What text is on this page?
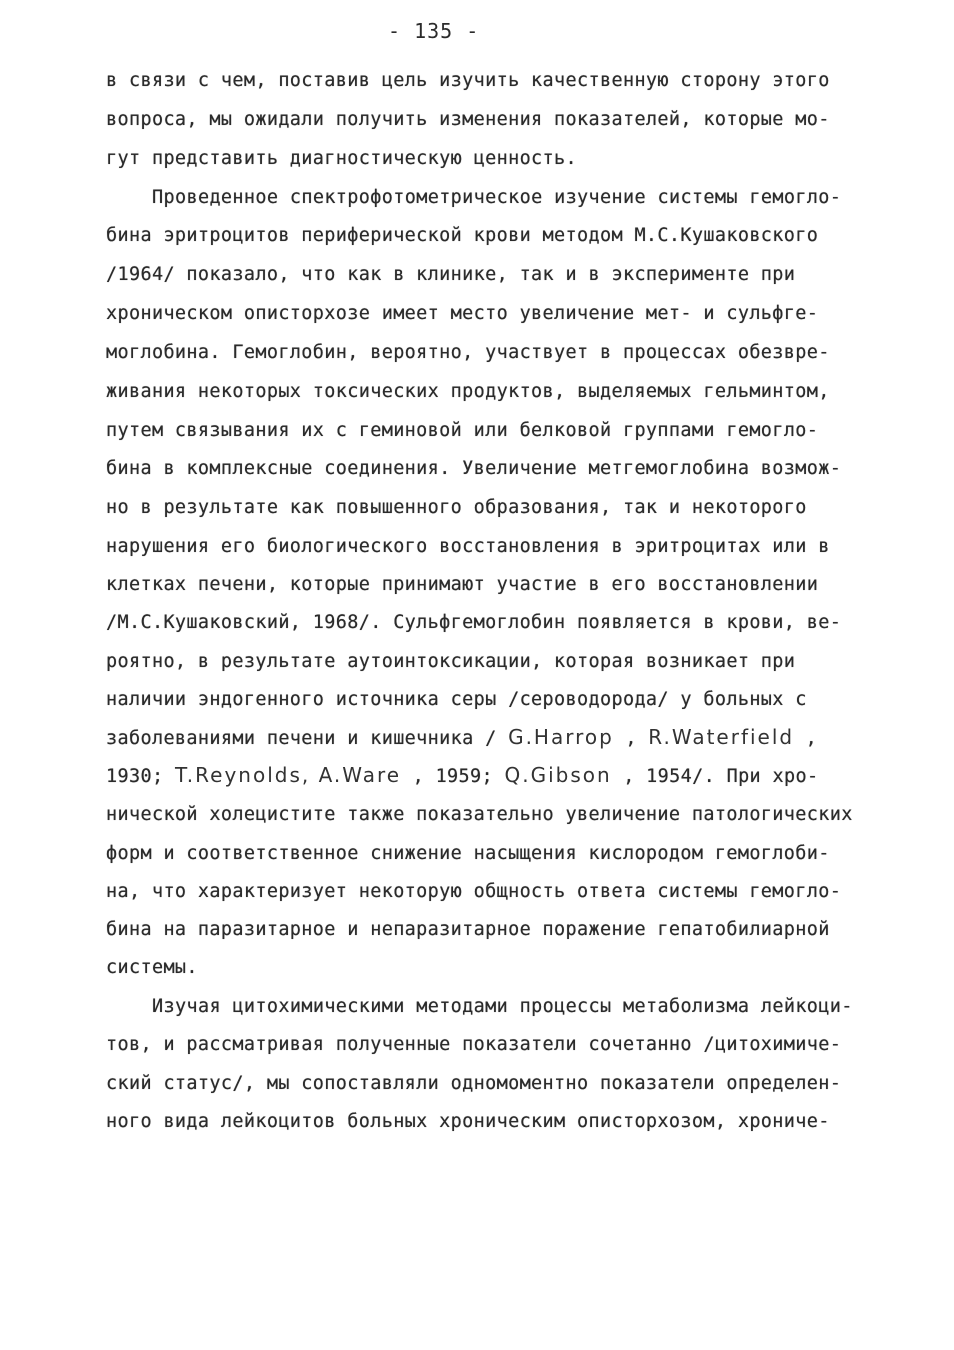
- 135 -
в связи с чем, поставив цель изучить качественную сторону этого
вопроса, мы ожидали получить изменения показателей, которые мо-
гут представить диагностическую ценность.
Проведенное спектрофотометрическое изучение системы гемогло-
бина эритроцитов периферической крови методом М.С.Кушаковского
/1964/ показало, что как в клинике, так и в эксперименте при
хроническом описторхозе имеет место увеличение мет- и сульфге-
моглобина. Гемоглобин, вероятно, участвует в процессах обезвре-
живания некоторых токсических продуктов, выделяемых гельминтом,
путем связывания их с геминовой или белковой группами гемогло-
бина в комплексные соединения. Увеличение метгемоглобина возмож-
но в результате как повышенного образования, так и некоторого
нарушения его биологического восстановления в эритроцитах или в
клетках печени, которые принимают участие в его восстановлении
/М.С.Кушаковский, 1968/. Сульфгемоглобин появляется в крови, ве-
роятно, в результате аутоинтоксикации, которая возникает при
наличии эндогенного источника серы /сероводорода/ у больных с
заболеваниями печени и кишечника / G.Harrop , R.Waterfield ,
1930; T.Reynolds, A.Ware , 1959; Q.Gibson , 1954/. При хро-
нической холецистите также показательно увеличение патологических
форм и соответственное снижение насыщения кислородом гемоглоби-
на, что характеризует некоторую общность ответа системы гемогло-
бина на паразитарное и непаразитарное поражение гепатобилиарной
системы.
Изучая цитохимическими методами процессы метаболизма лейкоци-
тов, и рассматривая полученные показатели сочетанно /цитохимиче-
ский статус/, мы сопоставляли одномоментно показатели определен-
ного вида лейкоцитов больных хроническим описторхозом, хрониче-
